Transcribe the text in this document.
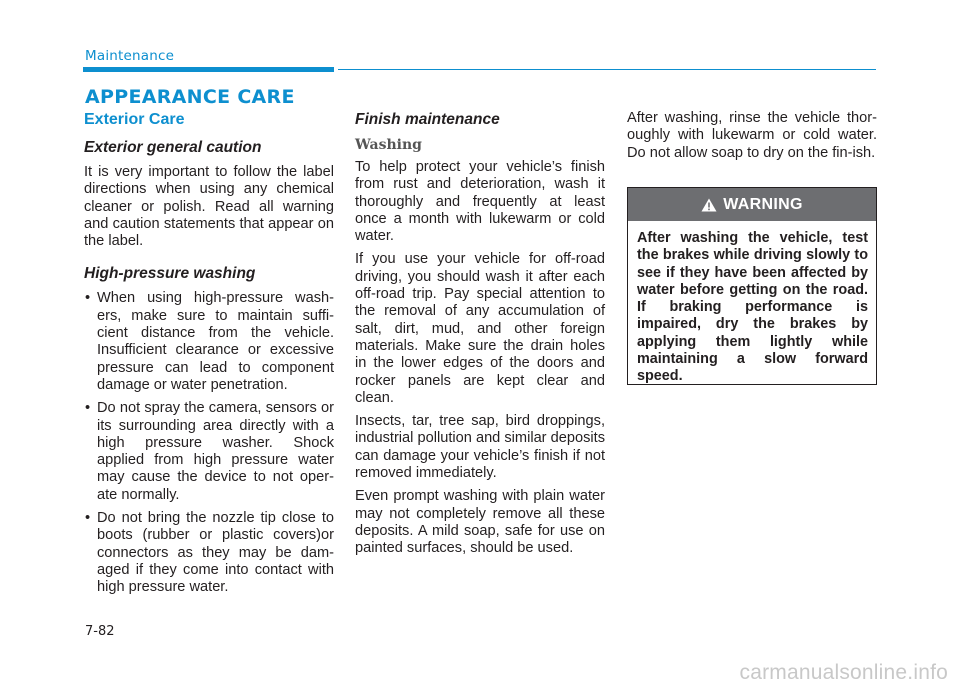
Maintenance
APPEARANCE CARE
Exterior Care
Exterior general caution

It is very important to follow the label directions when using any chemical cleaner or polish. Read all warning and caution statements that appear on the label.

High-pressure washing
• When using high-pressure wash-ers, make sure to maintain suffi-cient distance from the vehicle. Insufficient clearance or excessive pressure can lead to component damage or water penetration.
• Do not spray the camera, sensors or its surrounding area directly with a high pressure washer. Shock applied from high pressure water may cause the device to not oper-ate normally.
• Do not bring the nozzle tip close to boots (rubber or plastic covers)or connectors as they may be dam-aged if they come into contact with high pressure water.
Finish maintenance
Washing

To help protect your vehicle’s finish from rust and deterioration, wash it thoroughly and frequently at least once a month with lukewarm or cold water.

If you use your vehicle for off-road driving, you should wash it after each off-road trip. Pay special attention to the removal of any accumulation of salt, dirt, mud, and other foreign materials. Make sure the drain holes in the lower edges of the doors and rocker panels are kept clear and clean.

Insects, tar, tree sap, bird droppings, industrial pollution and similar deposits can damage your vehicle’s finish if not removed immediately.

Even prompt washing with plain water may not completely remove all these deposits. A mild soap, safe for use on painted surfaces, should be used.

After washing, rinse the vehicle thor-oughly with lukewarm or cold water. Do not allow soap to dry on the fin-ish.

WARNING
After washing the vehicle, test the brakes while driving slowly to see if they have been affected by water before getting on the road. If braking performance is impaired, dry the brakes by applying them lightly while maintaining a slow forward speed.
7-82
carmanualsonline.info
